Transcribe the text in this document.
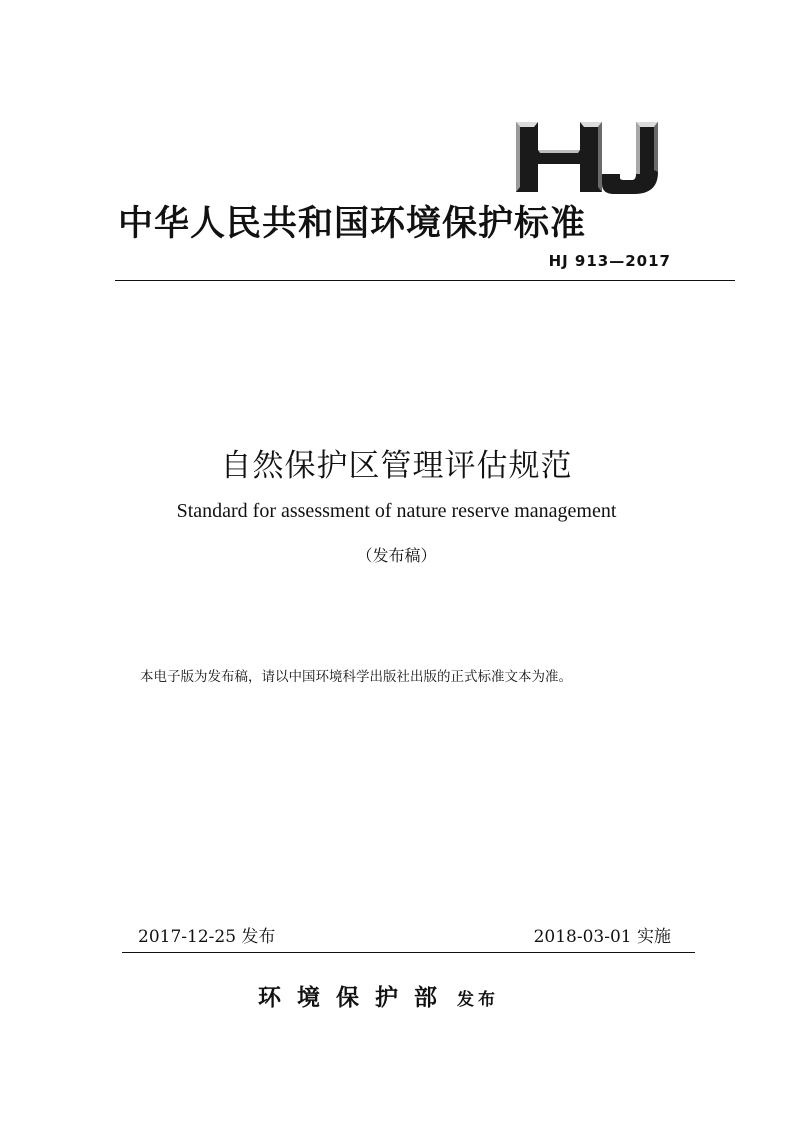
中华人民共和国环境保护标准
HJ 913—2017
自然保护区管理评估规范
Standard for assessment of nature reserve management
（发布稿）
本电子版为发布稿，请以中国环境科学出版社出版的正式标准文本为准。
2017-12-25 发布	2018-03-01 实施
环境保护部 发布
